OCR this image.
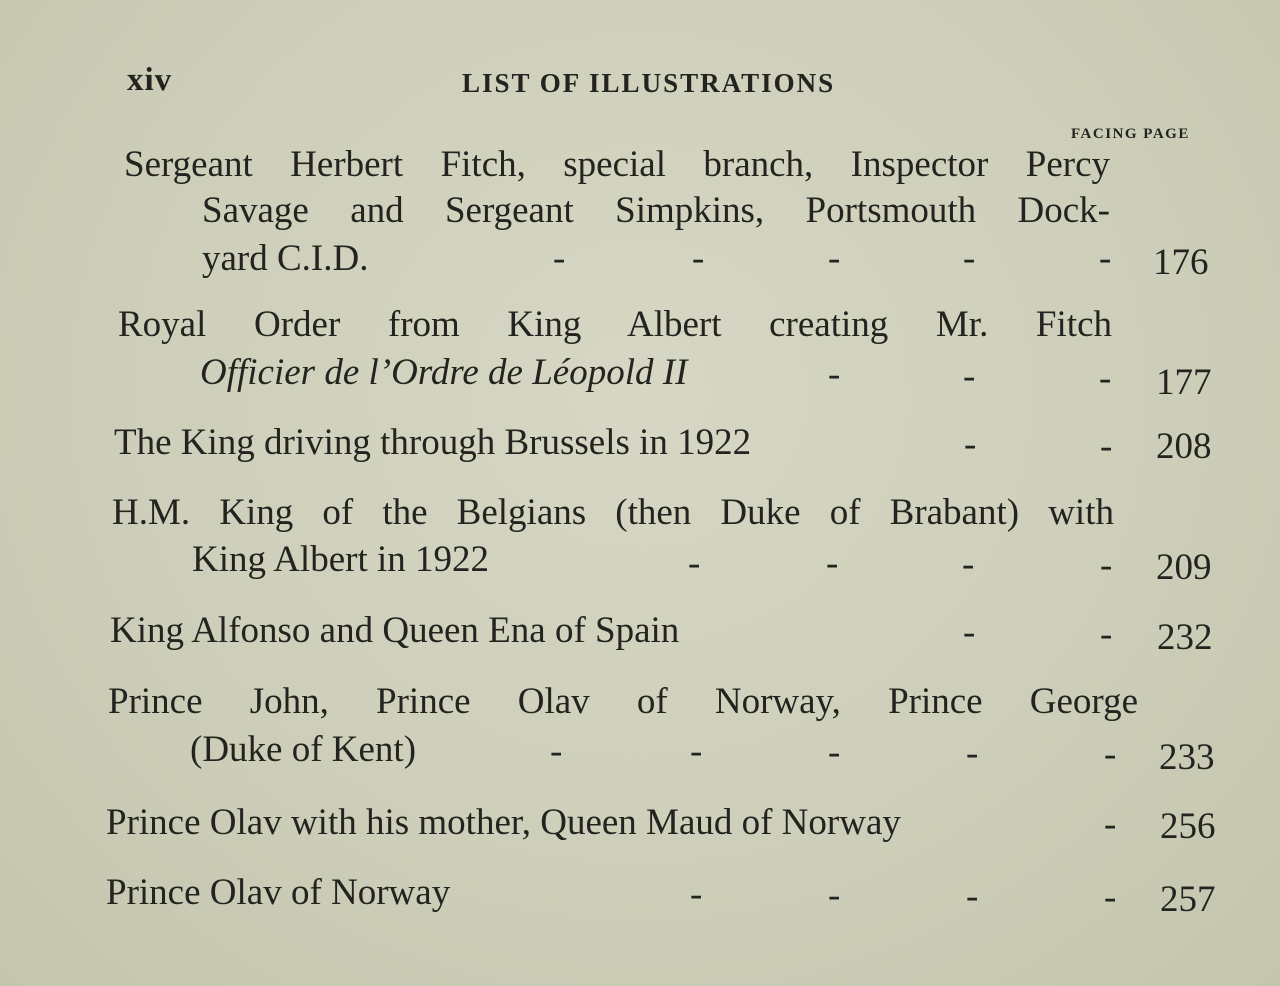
xiv	LIST OF ILLUSTRATIONS
FACING PAGE
Sergeant Herbert Fitch, special branch, Inspector Percy
Savage and Sergeant Simpkins, Portsmouth Dock-
yard C.I.D.	-	-	-	-	- 176
Royal Order from King Albert creating Mr. Fitch
Officier de l’Ordre de Léopold II	-	-	- 177
The King driving through Brussels in 1922	-	- 208
H.M. King of the Belgians (then Duke of Brabant) with
King Albert in 1922	-	-	-	- 209
King Alfonso and Queen Ena of Spain	-	- 232
Prince John, Prince Olav of Norway, Prince George
(Duke of Kent)	-	-	-	-	- 233
Prince Olav with his mother, Queen Maud of Norway	- 256
Prince Olav of Norway	-	-	-	- 257
